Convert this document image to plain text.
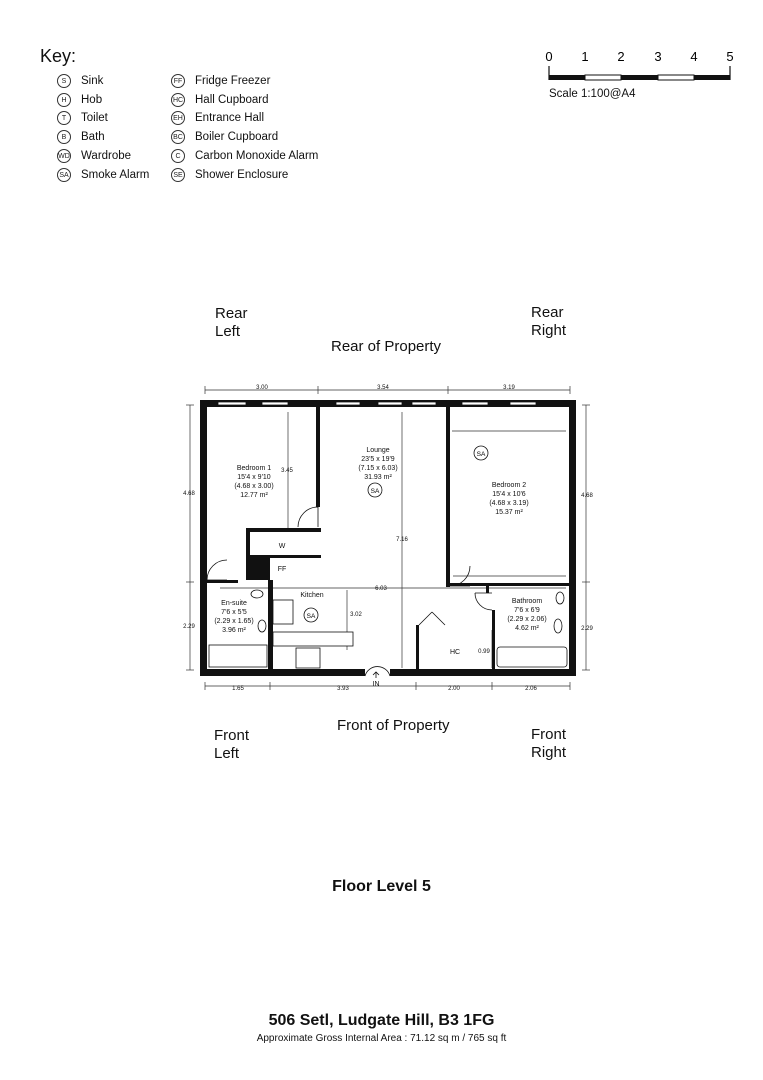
Key:
S	Sink
H	Hob
T	Toilet
B	Bath
WD Wardrobe
SA Smoke Alarm
FF Fridge Freezer
HC Hall Cupboard
EH Entrance Hall
BC Boiler Cupboard
C	Carbon Monoxide Alarm
SE Shower Enclosure
0 1 2 3 4 5
Scale 1:100@A4
Rear
Left
Rear
Right
Rear of Property
Front of Property
Front
Left
Front
Right
Bedroom 1
15'4 x 9'10
(4.68 x 3.00)
12.77 m²
Lounge
23'5 x 19'9
(7.15 x 6.03)
31.93 m²
Bedroom 2
15'4 x 10'6
(4.68 x 3.19)
15.37 m²
En-suite
7'6 x 5'5
(2.29 x 1.65)
3.96 m²
Kitchen
Bathroom
7'6 x 6'9
(2.29 x 2.06)
4.62 m²
HC
W
FF
IN
SA
SA
SA
3.00	3.54	3.19
1.65	3.93	2.00	2.06
4.68
2.29
4.68
2.29
3.45
7.16
6.03
3.02
0.99
Floor Level 5
506 Setl, Ludgate Hill, B3 1FG
Approximate Gross Internal Area : 71.12 sq m / 765 sq ft
